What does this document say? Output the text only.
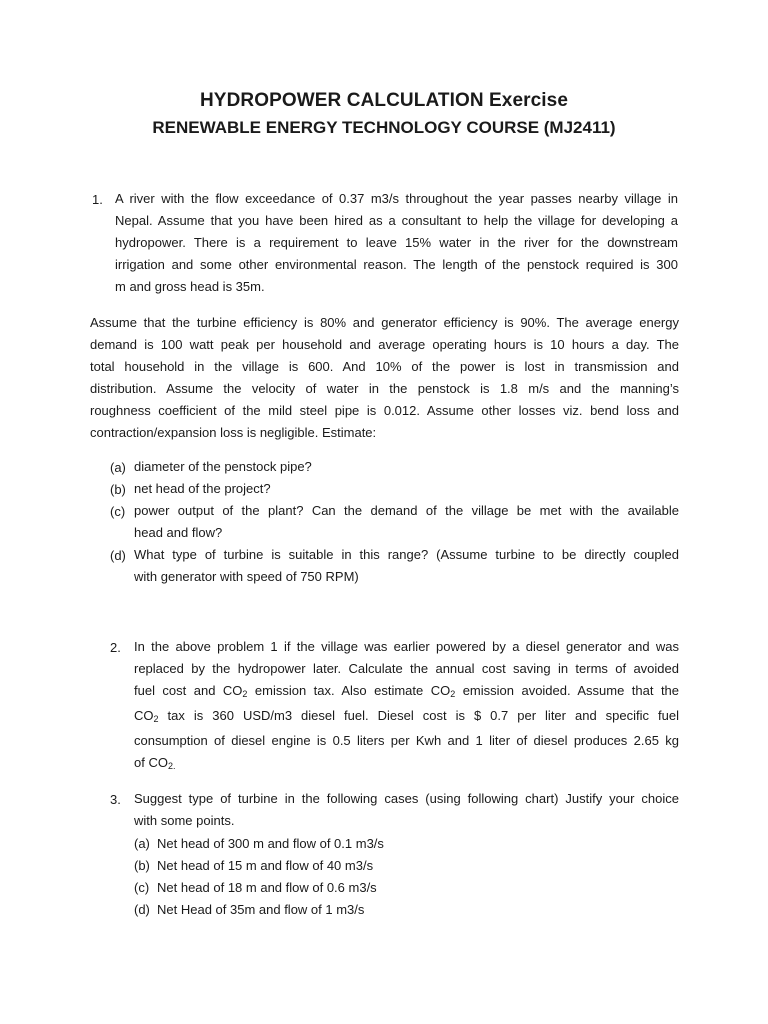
HYDROPOWER CALCULATION Exercise
RENEWABLE ENERGY TECHNOLOGY COURSE (MJ2411)
1. A river with the flow exceedance of 0.37 m3/s throughout the year passes nearby village in
Nepal. Assume that you have been hired as a consultant to help the village for developing a
hydropower. There is a requirement to leave 15% water in the river for the downstream
irrigation and some other environmental reason. The length of the penstock required is 300
m and gross head is 35m.
Assume that the turbine efficiency is 80% and generator efficiency is 90%. The average energy
demand is 100 watt peak per household and average operating hours is 10 hours a day. The
total household in the village is 600. And 10% of the power is lost in transmission and
distribution. Assume the velocity of water in the penstock is 1.8 m/s and the manning’s
roughness coefficient of the mild steel pipe is 0.012. Assume other losses viz. bend loss and
contraction/expansion loss is negligible. Estimate:
(a) diameter of the penstock pipe?
(b) net head of the project?
(c) power output of the plant? Can the demand of the village be met with the available
head and flow?
(d) What type of turbine is suitable in this range? (Assume turbine to be directly coupled
with generator with speed of 750 RPM)
2. In the above problem 1 if the village was earlier powered by a diesel generator and was
replaced by the hydropower later. Calculate the annual cost saving in terms of avoided
fuel cost and $CO_2$ emission tax. Also estimate $CO_2$ emission avoided. Assume that the
$CO_2$ tax is 360 USD/m3 diesel fuel. Diesel cost is $ 0.7 per liter and specific fuel
consumption of diesel engine is 0.5 liters per Kwh and 1 liter of diesel produces 2.65 kg
of $CO_{2.}$
3. Suggest type of turbine in the following cases (using following chart) Justify your choice
with some points.
(a) Net head of 300 m and flow of 0.1 m3/s
(b) Net head of 15 m and flow of 40 m3/s
(c) Net head of 18 m and flow of 0.6 m3/s
(d) Net Head of 35m and flow of 1 m3/s
